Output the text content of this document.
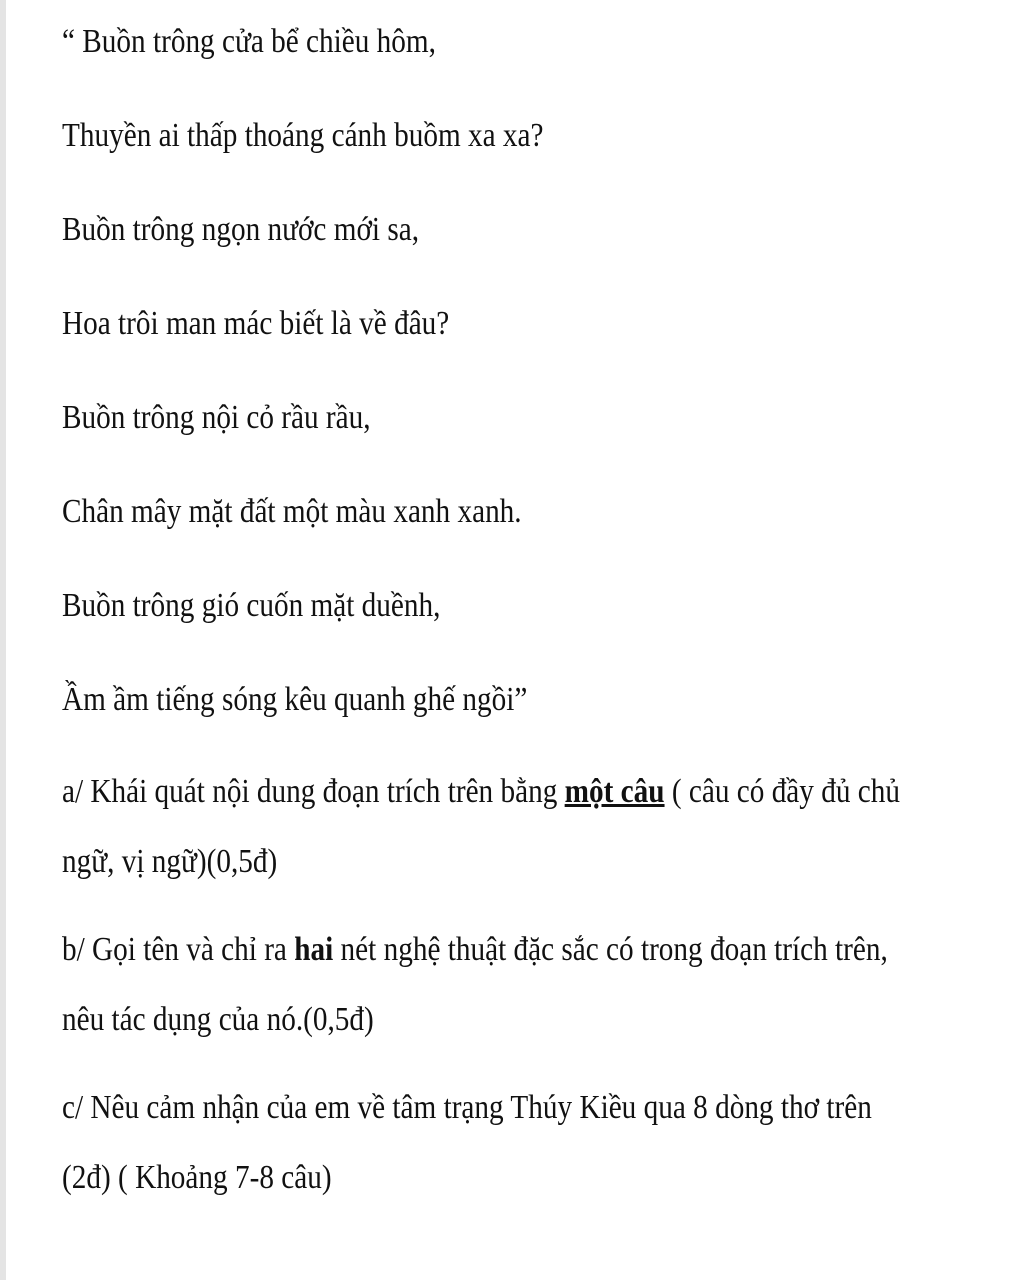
“ Buồn trông cửa bể chiều hôm,

Thuyền ai thấp thoáng cánh buồm xa xa?

Buồn trông ngọn nước mới sa,

Hoa trôi man mác biết là về đâu?

Buồn trông nội cỏ rầu rầu,

Chân mây mặt đất một màu xanh xanh.

Buồn trông gió cuốn mặt duềnh,

Ầm ầm tiếng sóng kêu quanh ghế ngồi”

a/ Khái quát nội dung đoạn trích trên bằng một câu ( câu có đầy đủ chủ
ngữ, vị ngữ)(0,5đ)

b/ Gọi tên và chỉ ra hai nét nghệ thuật đặc sắc có trong đoạn trích trên,
nêu tác dụng của nó.(0,5đ)

c/ Nêu cảm nhận của em về tâm trạng Thúy Kiều qua 8 dòng thơ trên
(2đ) ( Khoảng 7-8 câu)
